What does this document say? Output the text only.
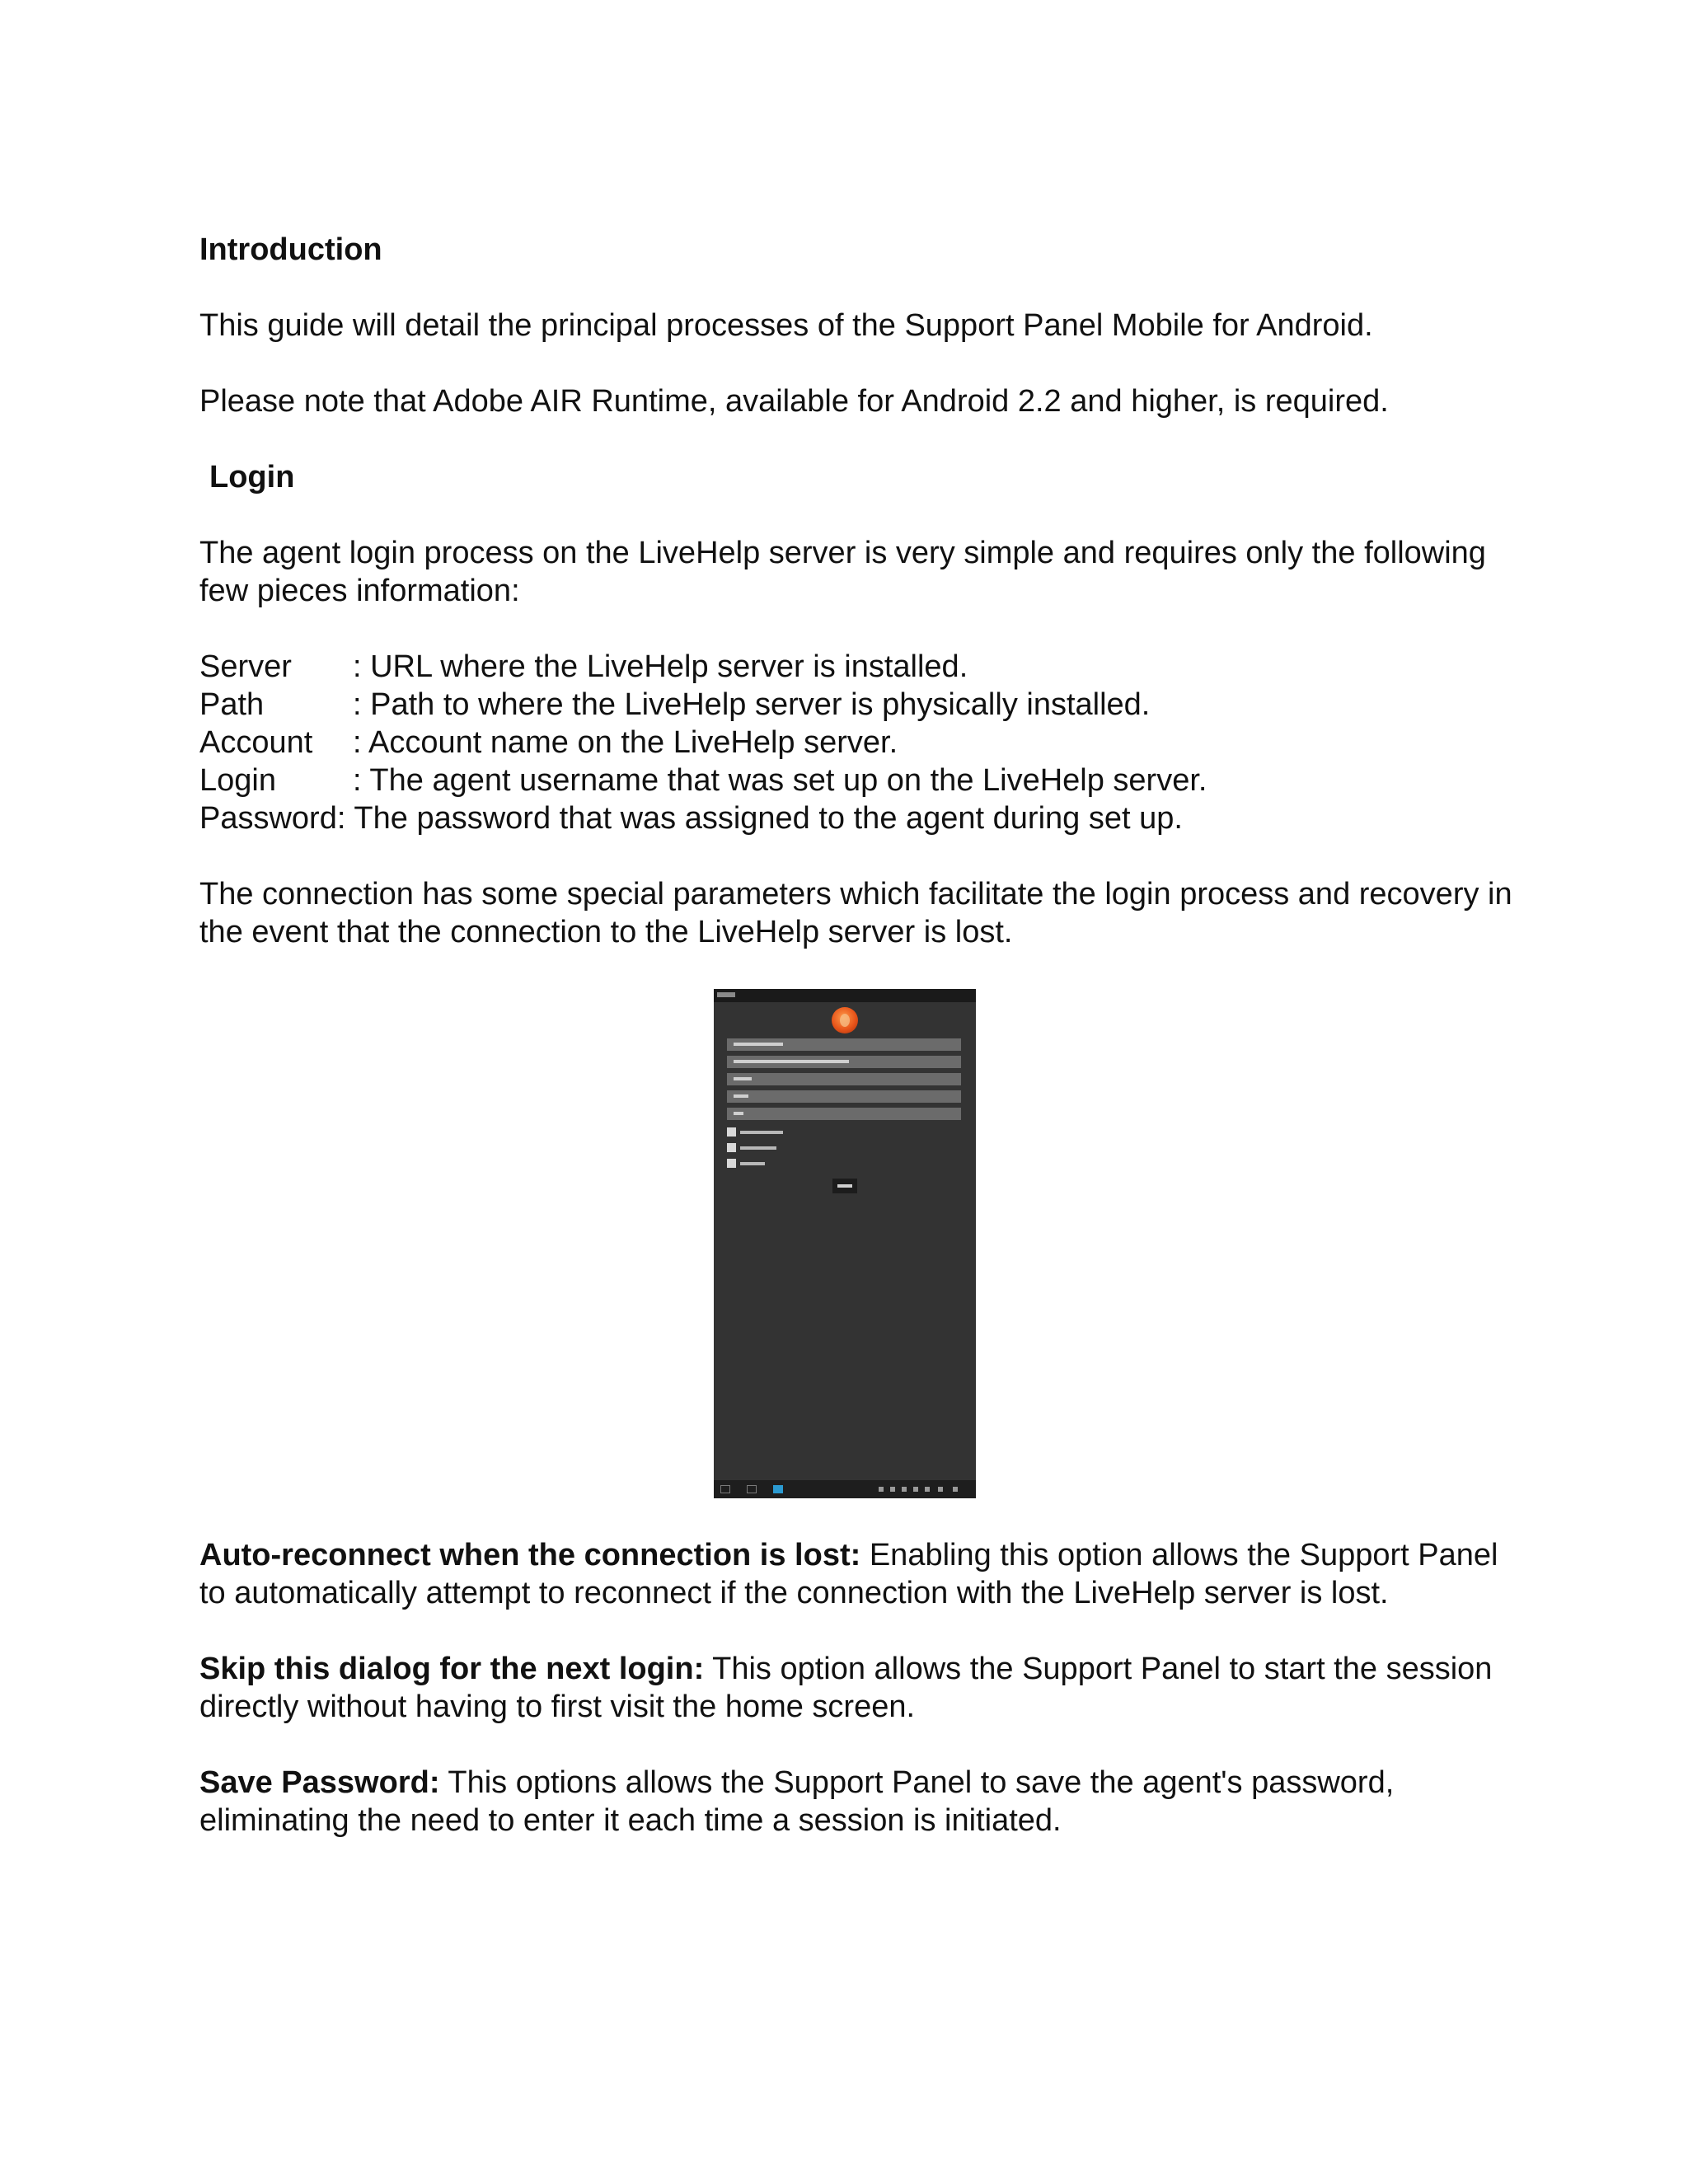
Introduction

This guide will detail the principal processes of the Support Panel Mobile for Android.

Please note that Adobe AIR Runtime, available for Android 2.2 and higher, is required.

Login

The agent login process on the LiveHelp server is very simple and requires only the following few pieces information:

Server	: URL where the LiveHelp server is installed.
Path	: Path to where the LiveHelp server is physically installed.
Account	: Account name on the LiveHelp server.
Login	: The agent username that was set up on the LiveHelp server.
Password: The password that was assigned to the agent during set up.

The connection has some special parameters which facilitate the login process and recovery in the event that the connection to the LiveHelp server is lost.

Auto-reconnect when the connection is lost: Enabling this option allows the Support Panel to automatically attempt to reconnect if the connection with the LiveHelp server is lost.

Skip this dialog for the next login: This option allows the Support Panel to start the session directly without having to first visit the home screen.

Save Password: This options allows the Support Panel to save the agent's password, eliminating the need to enter it each time a session is initiated.
